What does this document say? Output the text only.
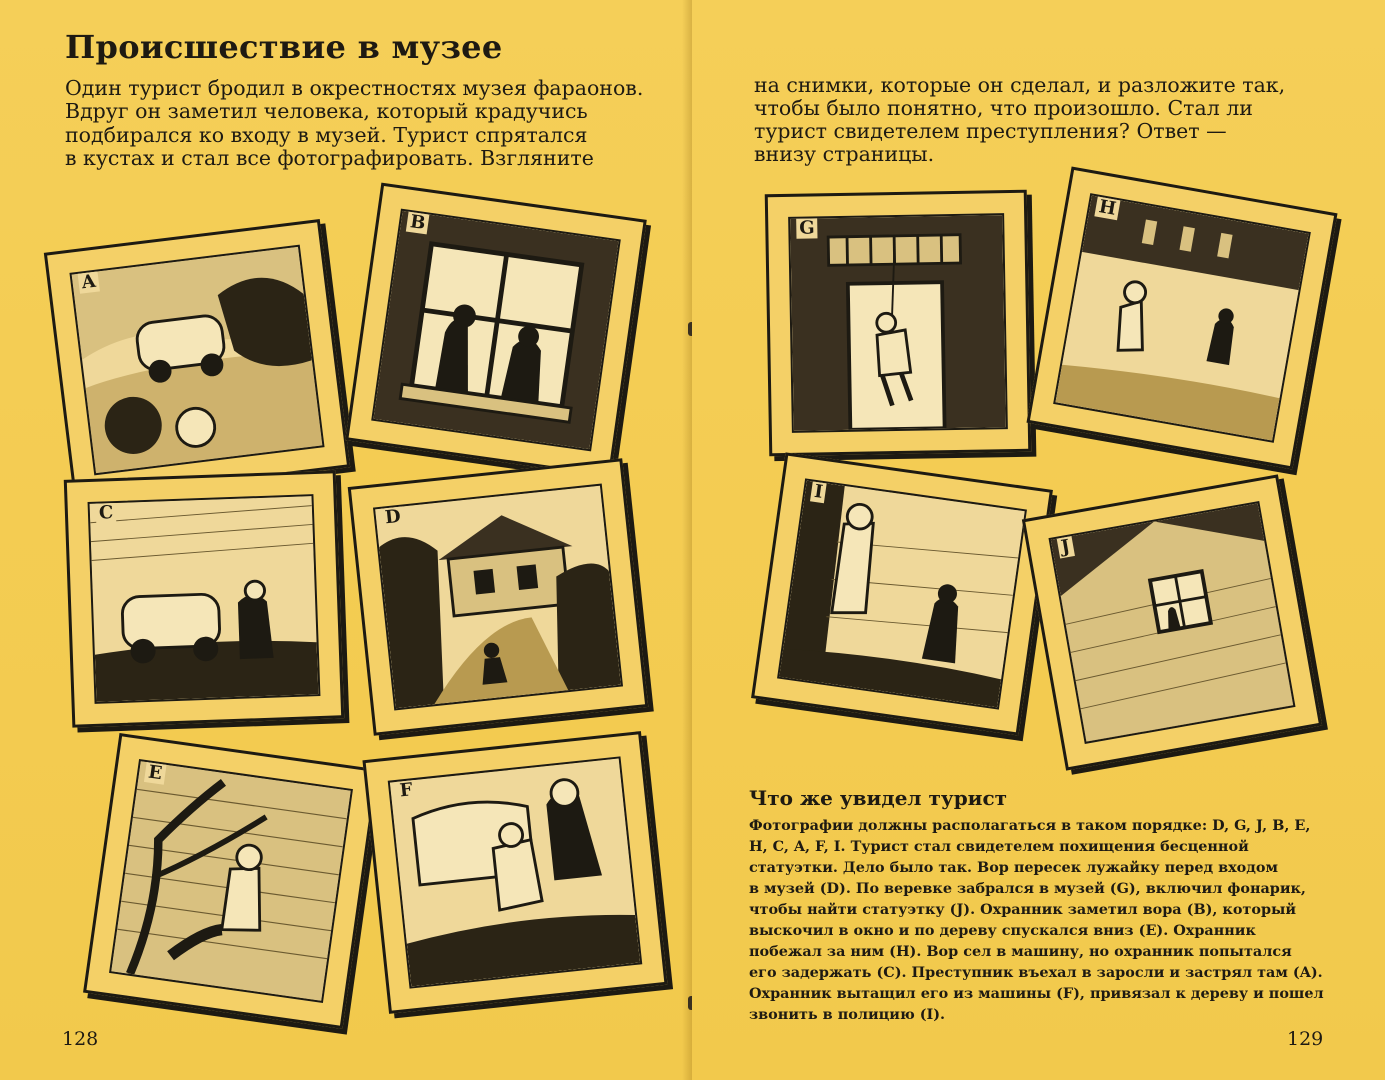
Происшествие в музее
Один турист бродил в окрестностях музея фараонов.
Вдруг он заметил человека, который крадучись
подбирался ко входу в музей. Турист спрятался
в кустах и стал все фотографировать. Взгляните
A
B
C	D
E
F
128
на снимки, которые он сделал, и разложите так,
чтобы было понятно, что произошло. Стал ли
турист свидетелем преступления? Ответ —
внизу страницы.
G
H
I
J
Что же увидел турист
Фотографии должны располагаться в таком порядке: D, G, J, B, E,
H, C, A, F, I. Турист стал свидетелем похищения бесценной
статуэтки. Дело было так. Вор пересек лужайку перед входом
в музей (D). По веревке забрался в музей (G), включил фонарик,
чтобы найти статуэтку (J). Охранник заметил вора (B), который
выскочил в окно и по дереву спускался вниз (E). Охранник
побежал за ним (H). Вор сел в машину, но охранник попытался
его задержать (C). Преступник въехал в заросли и застрял там (A).
Охранник вытащил его из машины (F), привязал к дереву и пошел
звонить в полицию (I).
129
